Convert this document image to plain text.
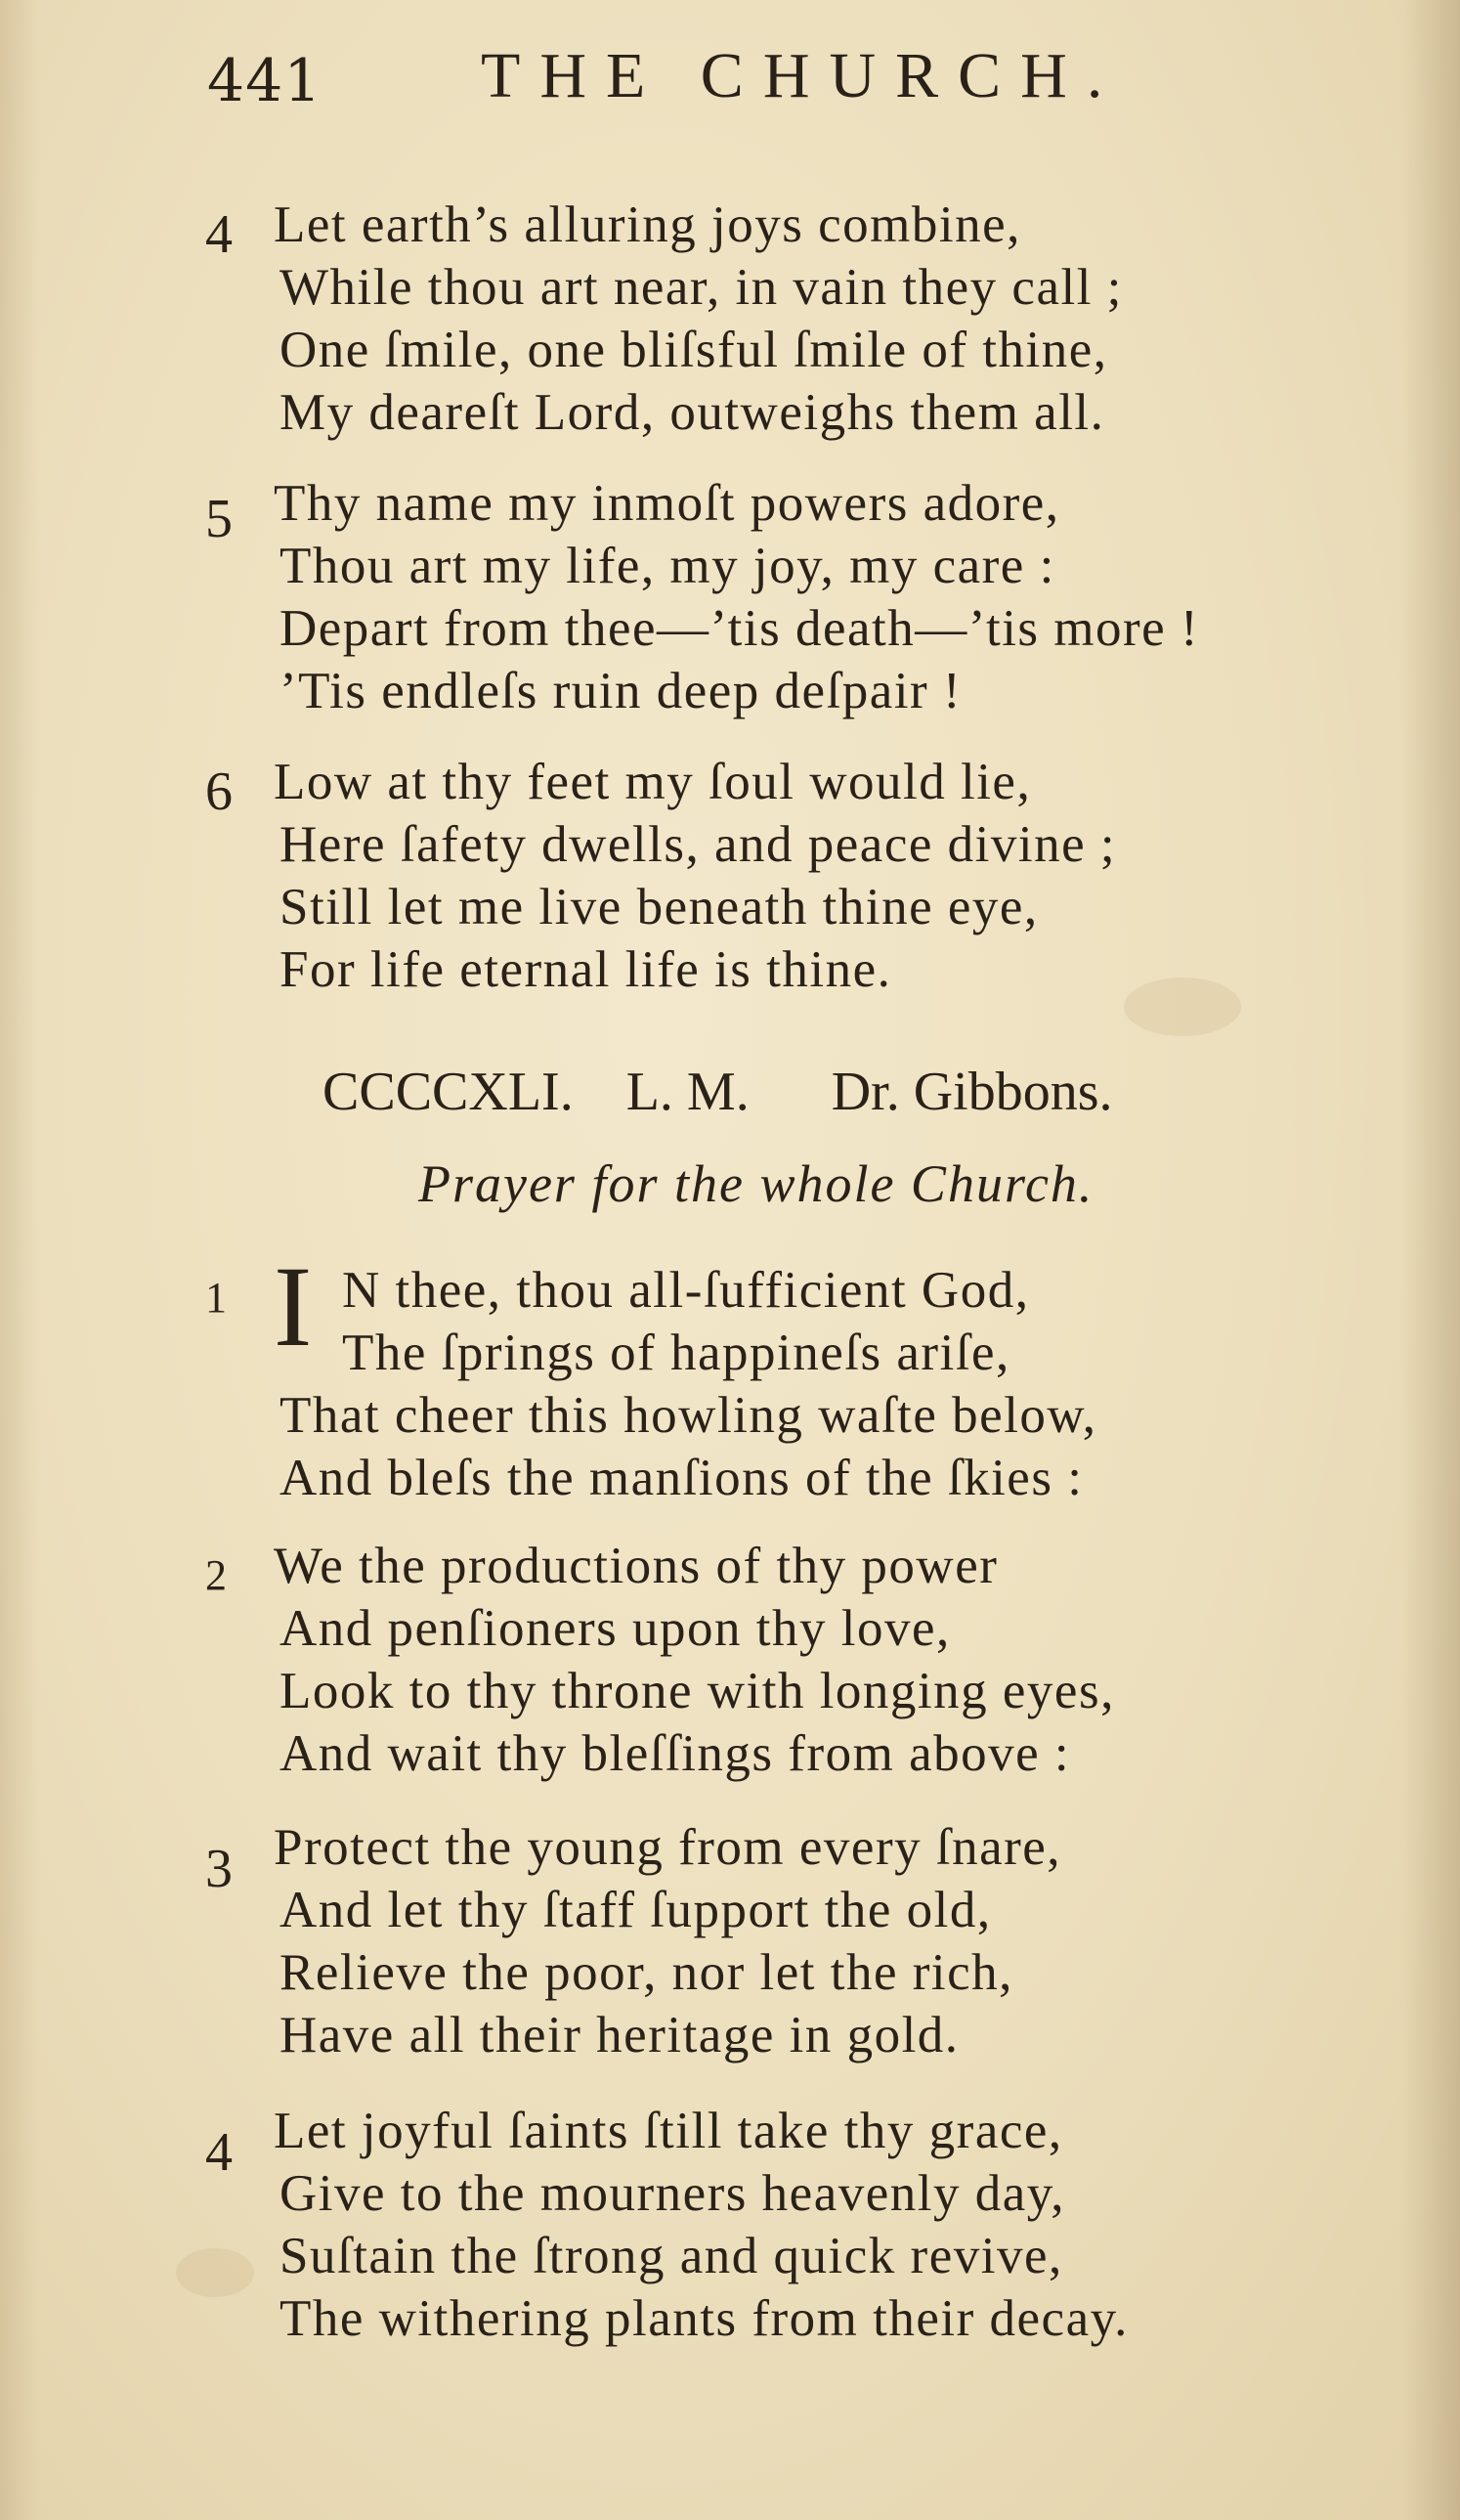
441 THE CHURCH.
4 Let earth’s alluring joys combine,
While thou art near, in vain they call ;
One ſmile, one bliſsful ſmile of thine,
My deareſt Lord, outweighs them all.
5 Thy name my inmoſt powers adore,
Thou art my life, my joy, my care :
Depart from thee—’tis death—’tis more !
’Tis endleſs ruin deep deſpair !
6 Low at thy feet my ſoul would lie,
Here ſafety dwells, and peace divine ;
Still let me live beneath thine eye,
For life eternal life is thine.
CCCCXLI. L. M. Dr. Gibbons.
Prayer for the whole Church.
1 I N thee, thou all-ſufficient God,
The ſprings of happineſs ariſe,
That cheer this howling waſte below,
And bleſs the manſions of the ſkies :
2 We the productions of thy power
And penſioners upon thy love,
Look to thy throne with longing eyes,
And wait thy bleſſings from above :
3 Protect the young from every ſnare,
And let thy ſtaff ſupport the old,
Relieve the poor, nor let the rich,
Have all their heritage in gold.
4 Let joyful ſaints ſtill take thy grace,
Give to the mourners heavenly day,
Suſtain the ſtrong and quick revive,
The withering plants from their decay.
